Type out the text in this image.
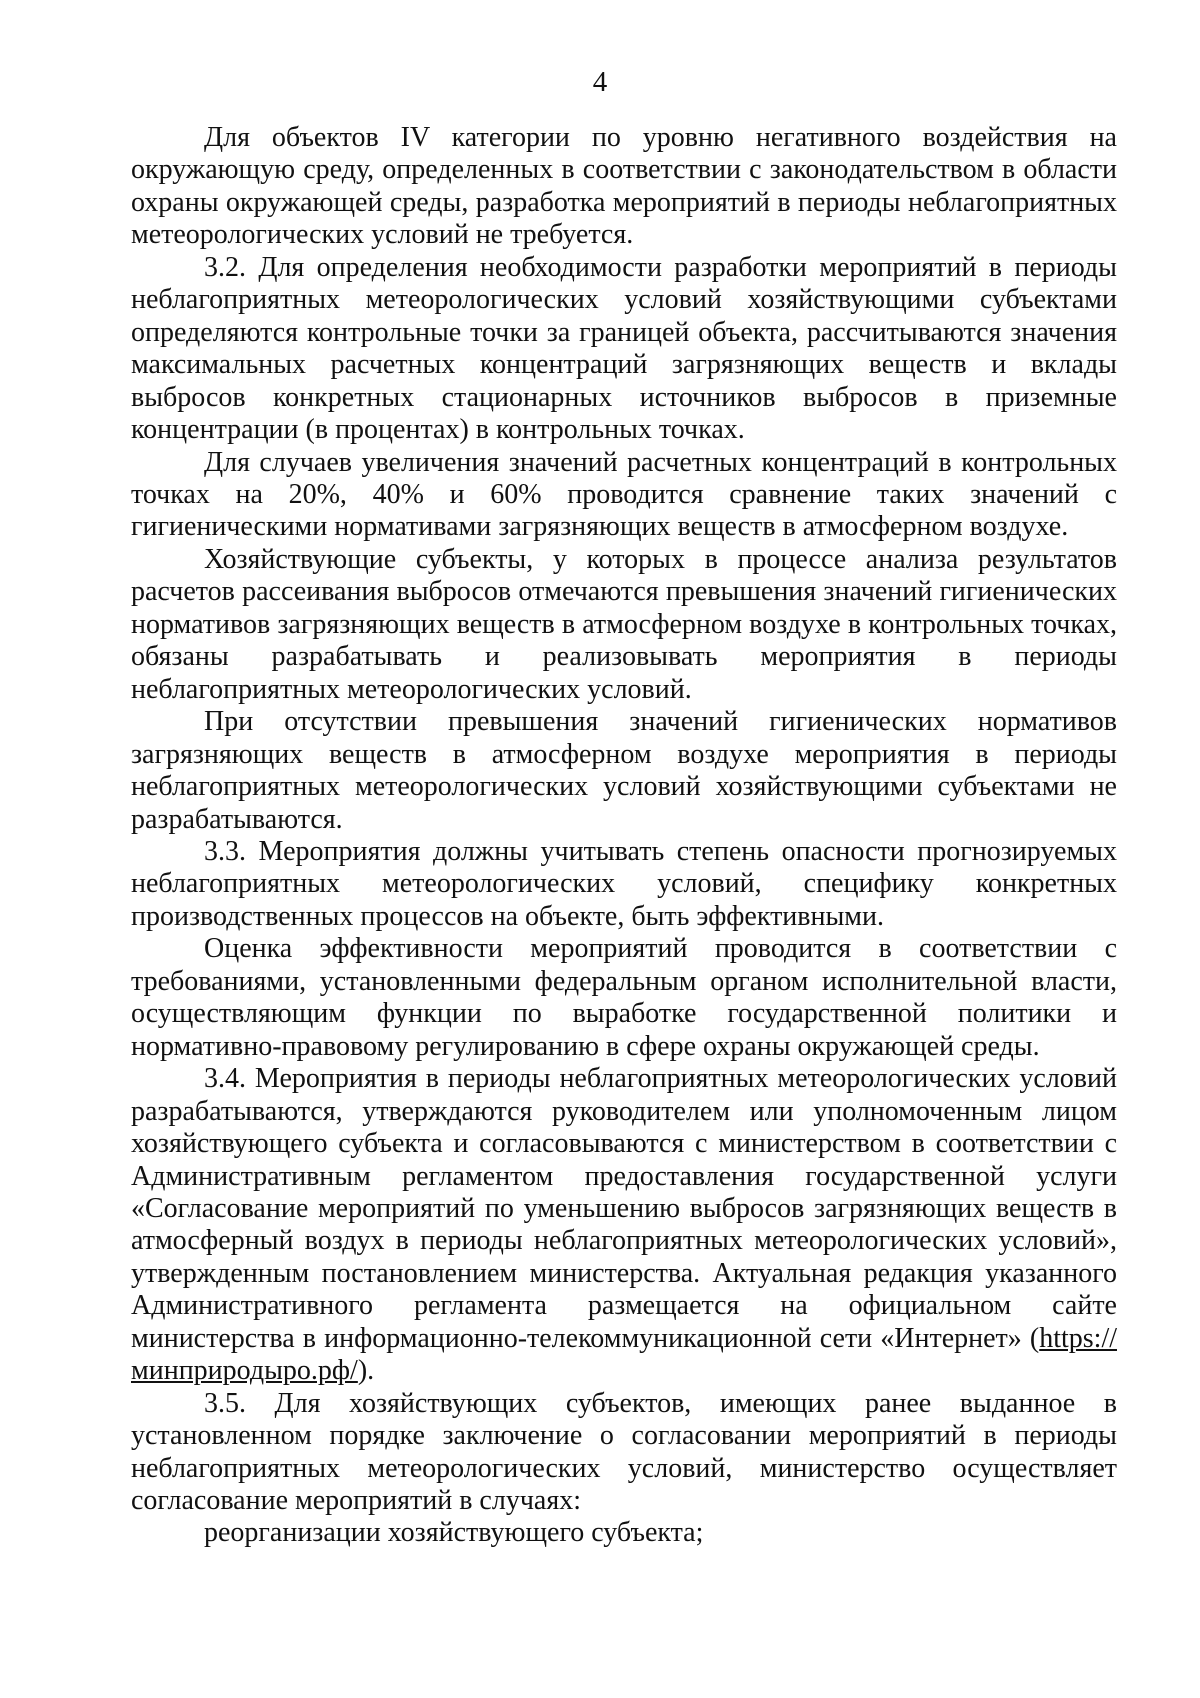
4

Для объектов IV категории по уровню негативного воздействия на окружающую среду, определенных в соответствии с законодательством в области охраны окружающей среды, разработка мероприятий в периоды неблагоприятных метеорологических условий не требуется.

3.2. Для определения необходимости разработки мероприятий в периоды неблагоприятных метеорологических условий хозяйствующими субъектами определяются контрольные точки за границей объекта, рассчитываются значения максимальных расчетных концентраций загрязняющих веществ и вклады выбросов конкретных стационарных источников выбросов в приземные концентрации (в процентах) в контрольных точках.

Для случаев увеличения значений расчетных концентраций в контрольных точках на 20%, 40% и 60% проводится сравнение таких значений с гигиеническими нормативами загрязняющих веществ в атмосферном воздухе.

Хозяйствующие субъекты, у которых в процессе анализа результатов расчетов рассеивания выбросов отмечаются превышения значений гигиенических нормативов загрязняющих веществ в атмосферном воздухе в контрольных точках, обязаны разрабатывать и реализовывать мероприятия в периоды неблагоприятных метеорологических условий.

При отсутствии превышения значений гигиенических нормативов загрязняющих веществ в атмосферном воздухе мероприятия в периоды неблагоприятных метеорологических условий хозяйствующими субъектами не разрабатываются.

3.3. Мероприятия должны учитывать степень опасности прогнозируемых неблагоприятных метеорологических условий, специфику конкретных производственных процессов на объекте, быть эффективными.

Оценка эффективности мероприятий проводится в соответствии с требованиями, установленными федеральным органом исполнительной власти, осуществляющим функции по выработке государственной политики и нормативно-правовому регулированию в сфере охраны окружающей среды.

3.4. Мероприятия в периоды неблагоприятных метеорологических условий разрабатываются, утверждаются руководителем или уполномоченным лицом хозяйствующего субъекта и согласовываются с министерством в соответствии с Административным регламентом предоставления государственной услуги «Согласование мероприятий по уменьшению выбросов загрязняющих веществ в атмосферный воздух в периоды неблагоприятных метеорологических условий», утвержденным постановлением министерства. Актуальная редакция указанного Административного регламента размещается на официальном сайте министерства в информационно-телекоммуникационной сети «Интернет» (https://минприродыро.рф/).

3.5. Для хозяйствующих субъектов, имеющих ранее выданное в установленном порядке заключение о согласовании мероприятий в периоды неблагоприятных метеорологических условий, министерство осуществляет согласование мероприятий в случаях:

реорганизации хозяйствующего субъекта;
